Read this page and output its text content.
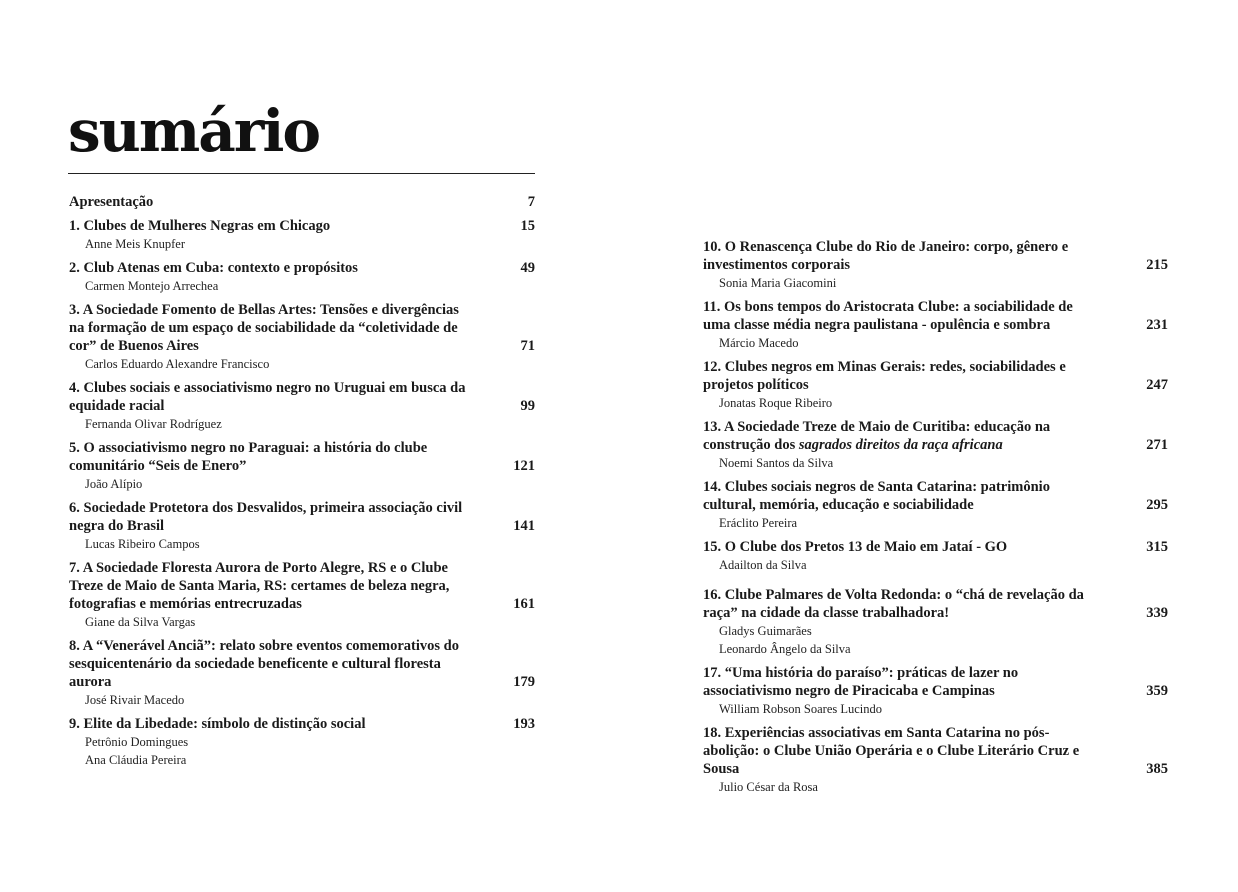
sumário
Apresentação	7
1. Clubes de Mulheres Negras em Chicago	15
Anne Meis Knupfer
2. Club Atenas em Cuba: contexto e propósitos	49
Carmen Montejo Arrechea
3. A Sociedade Fomento de Bellas Artes: Tensões e divergências na formação de um espaço de sociabilidade da “coletividade de cor” de Buenos Aires	71
Carlos Eduardo Alexandre Francisco
4. Clubes sociais e associativismo negro no Uruguai em busca da equidade racial	99
Fernanda Olivar Rodríguez
5. O associativismo negro no Paraguai: a história do clube comunitário “Seis de Enero”	121
João Alípio
6. Sociedade Protetora dos Desvalidos, primeira associação civil negra do Brasil	141
Lucas Ribeiro Campos
7. A Sociedade Floresta Aurora de Porto Alegre, RS e o Clube Treze de Maio de Santa Maria, RS: certames de beleza negra, fotografias e memórias entrecruzadas	161
Giane da Silva Vargas
8. A “Venerável Anciã”: relato sobre eventos comemorativos do sesquicentenário da sociedade beneficente e cultural floresta aurora	179
José Rivair Macedo
9. Elite da Libedade: símbolo de distinção social	193
Petrônio Domingues
Ana Cláudia Pereira
10. O Renascença Clube do Rio de Janeiro: corpo, gênero e investimentos corporais	215
Sonia Maria Giacomini
11. Os bons tempos do Aristocrata Clube: a sociabilidade de uma classe média negra paulistana - opulência e sombra	231
Márcio Macedo
12. Clubes negros em Minas Gerais: redes, sociabilidades e projetos políticos	247
Jonatas Roque Ribeiro
13. A Sociedade Treze de Maio de Curitiba: educação na construção dos sagrados direitos da raça africana	271
Noemi Santos da Silva
14. Clubes sociais negros de Santa Catarina: patrimônio cultural, memória, educação e sociabilidade	295
Eráclito Pereira
15. O Clube dos Pretos 13 de Maio em Jataí - GO	315
Adailton da Silva
16. Clube Palmares de Volta Redonda: o “chá de revelação da raça” na cidade da classe trabalhadora!	339
Gladys Guimarães
Leonardo Ângelo da Silva
17. “Uma história do paraíso”: práticas de lazer no associativismo negro de Piracicaba e Campinas	359
William Robson Soares Lucindo
18. Experiências associativas em Santa Catarina no pós-abolição: o Clube União Operária e o Clube Literário Cruz e Sousa	385
Julio César da Rosa
